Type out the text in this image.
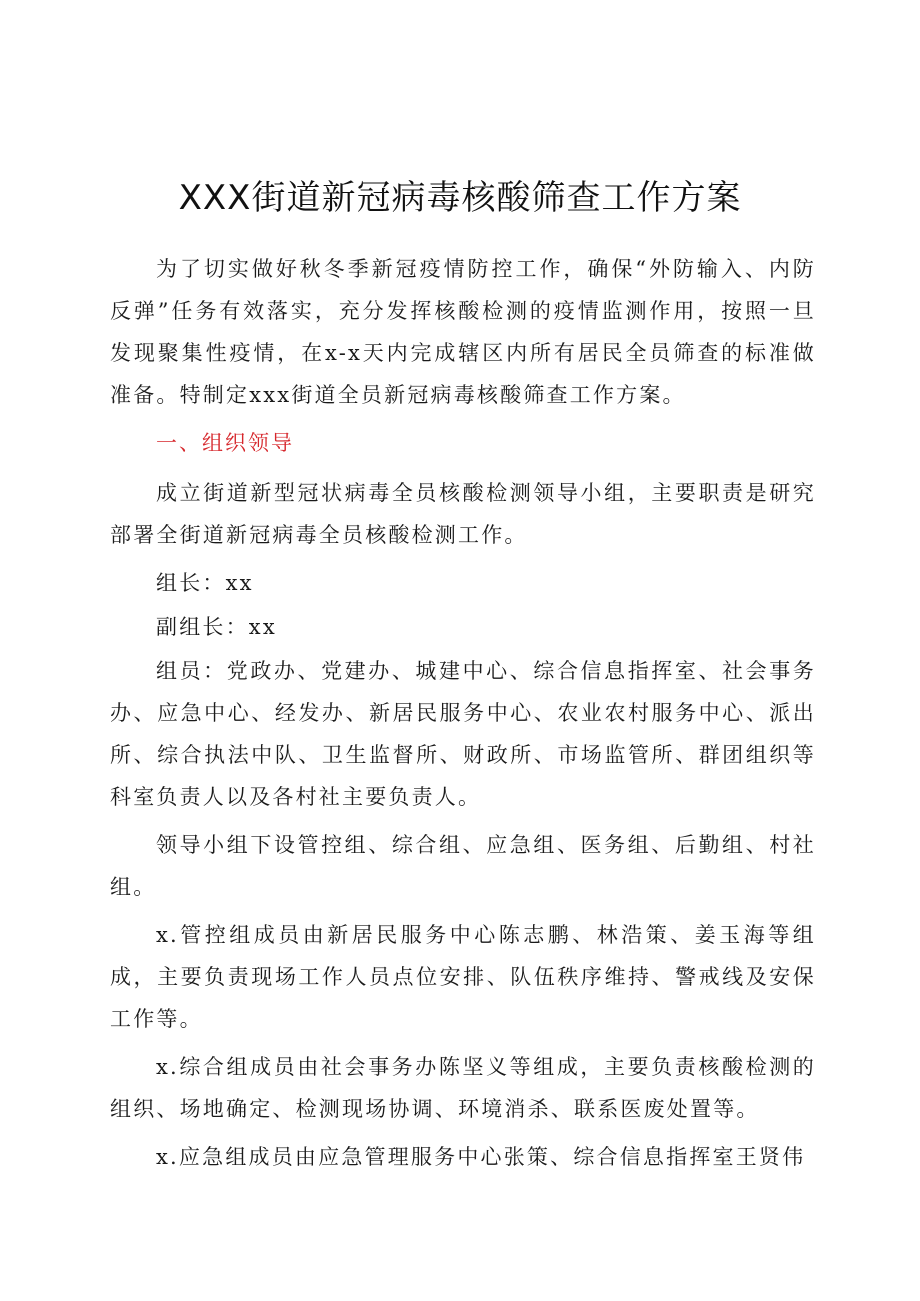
XXX街道新冠病毒核酸筛查工作方案

为了切实做好秋冬季新冠疫情防控工作，确保“外防输入、内防反弹”任务有效落实，充分发挥核酸检测的疫情监测作用，按照一旦发现聚集性疫情，在x-x天内完成辖区内所有居民全员筛查的标准做准备。特制定xxx街道全员新冠病毒核酸筛查工作方案。

一、组织领导

成立街道新型冠状病毒全员核酸检测领导小组，主要职责是研究部署全街道新冠病毒全员核酸检测工作。

组长：xx

副组长：xx

组员：党政办、党建办、城建中心、综合信息指挥室、社会事务办、应急中心、经发办、新居民服务中心、农业农村服务中心、派出所、综合执法中队、卫生监督所、财政所、市场监管所、群团组织等科室负责人以及各村社主要负责人。

领导小组下设管控组、综合组、应急组、医务组、后勤组、村社组。

x.管控组成员由新居民服务中心陈志鹏、林浩策、姜玉海等组成，主要负责现场工作人员点位安排、队伍秩序维持、警戒线及安保工作等。

x.综合组成员由社会事务办陈坚义等组成，主要负责核酸检测的组织、场地确定、检测现场协调、环境消杀、联系医废处置等。

x.应急组成员由应急管理服务中心张策、综合信息指挥室王贤伟
